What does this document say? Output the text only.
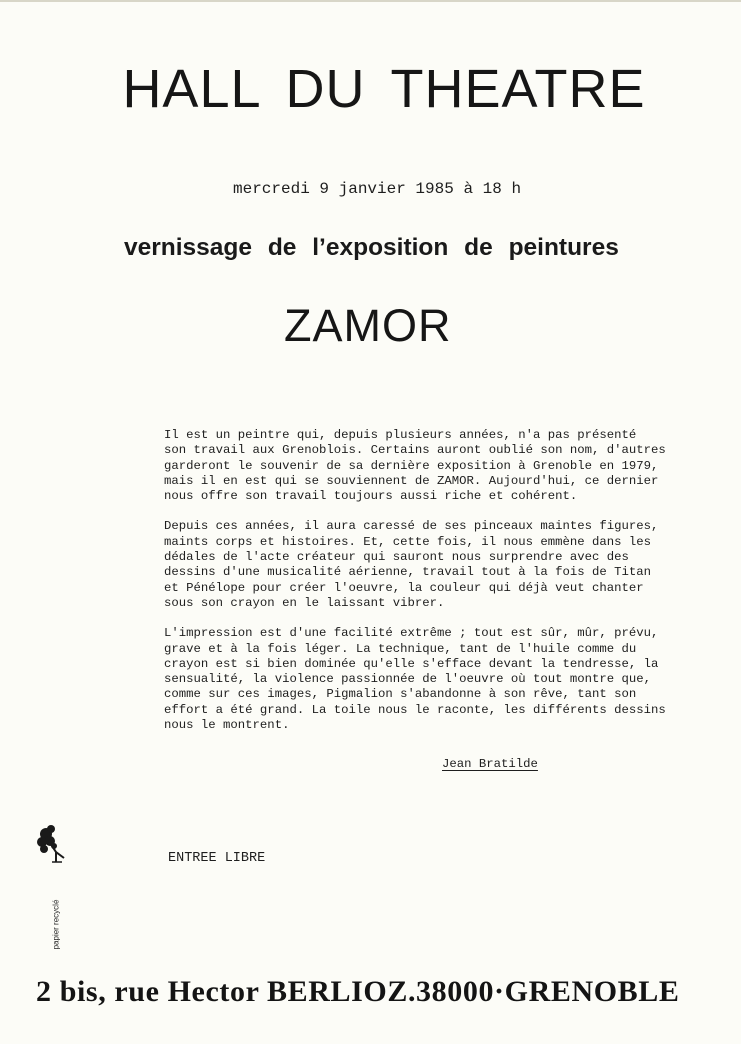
HALL DU THEATRE
mercredi 9 janvier 1985 à 18 h
vernissage de l’exposition de peintures
ZAMOR

Il est un peintre qui, depuis plusieurs années, n'a pas présenté
son travail aux Grenoblois. Certains auront oublié son nom, d'autres
garderont le souvenir de sa dernière exposition à Grenoble en 1979,
mais il en est qui se souviennent de ZAMOR. Aujourd'hui, ce dernier
nous offre son travail toujours aussi riche et cohérent.

Depuis ces années, il aura caressé de ses pinceaux maintes figures,
maints corps et histoires. Et, cette fois, il nous emmène dans les
dédales de l'acte créateur qui sauront nous surprendre avec des
dessins d'une musicalité aérienne, travail tout à la fois de Titan
et Pénélope pour créer l'oeuvre, la couleur qui déjà veut chanter
sous son crayon en le laissant vibrer.

L'impression est d'une facilité extrême ; tout est sûr, mûr, prévu,
grave et à la fois léger. La technique, tant de l'huile comme du
crayon est si bien dominée qu'elle s'efface devant la tendresse, la
sensualité, la violence passionnée de l'oeuvre où tout montre que,
comme sur ces images, Pigmalion s'abandonne à son rêve, tant son
effort a été grand. La toile nous le raconte, les différents dessins
nous le montrent.

Jean Bratilde
ENTREE LIBRE
papier recyclé
2 bis, rue Hector BERLIOZ.38000·GRENOBLE
